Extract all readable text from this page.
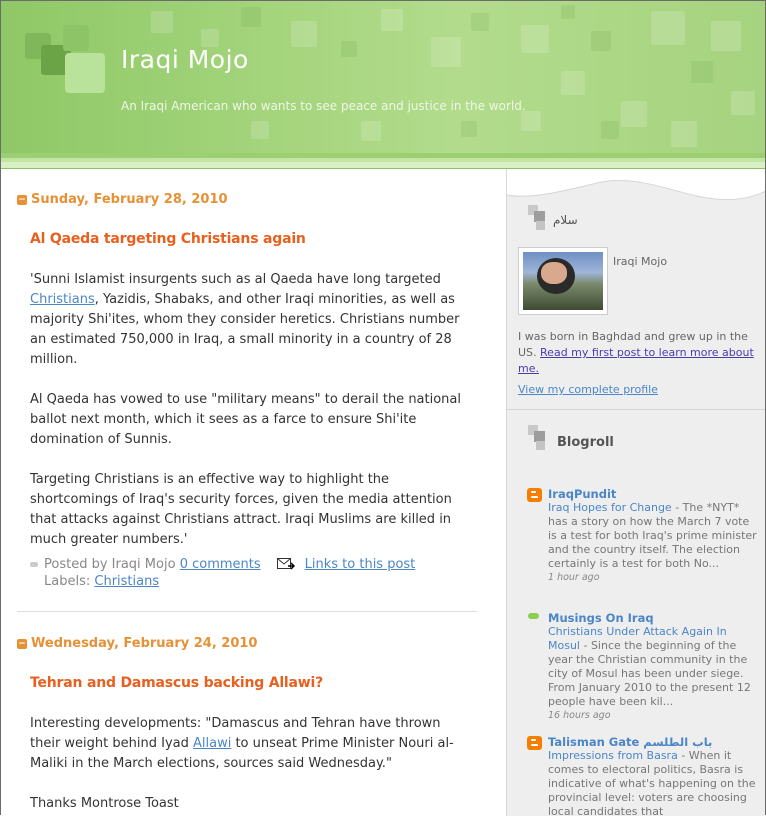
Iraqi Mojo
An Iraqi American who wants to see peace and justice in the world.
− Sunday, February 28, 2010
Al Qaeda targeting Christians again

'Sunni Islamist insurgents such as al Qaeda have long targeted Christians, Yazidis, Shabaks, and other Iraqi minorities, as well as majority Shi'ites, whom they consider heretics. Christians number an estimated 750,000 in Iraq, a small minority in a country of 28 million.

Al Qaeda has vowed to use "military means" to derail the national ballot next month, which it sees as a farce to ensure Shi'ite domination of Sunnis.

Targeting Christians is an effective way to highlight the shortcomings of Iraq's security forces, given the media attention that attacks against Christians attract. Iraqi Muslims are killed in much greater numbers.'

Posted by Iraqi Mojo
0 comments	Links to this post
Labels: Christians
− Wednesday, February 24, 2010
Tehran and Damascus backing Allawi?

Interesting developments: "Damascus and Tehran have thrown their weight behind Iyad Allawi to unseat Prime Minister Nouri al-Maliki in the March elections, sources said Wednesday."

Thanks Montrose Toast

سلام
Iraqi Mojo
I was born in Baghdad and grew up in the US. Read my first post to learn more about me.
View my complete profile
Blogroll
IraqPundit
Iraq Hopes for Change - The *NYT* has a story on how the March 7 vote is a test for both Iraq's prime minister and the country itself. The election certainly is a test for both No...
1 hour ago
Musings On Iraq
Christians Under Attack Again In Mosul - Since the beginning of the year the Christian community in the city of Mosul has been under siege. From January 2010 to the present 12 people have been kil...
16 hours ago
Talisman Gate باب الطلسم
Impressions from Basra - When it comes to electoral politics, Basra is indicative of what's happening on the provincial level: voters are choosing local candidates that
